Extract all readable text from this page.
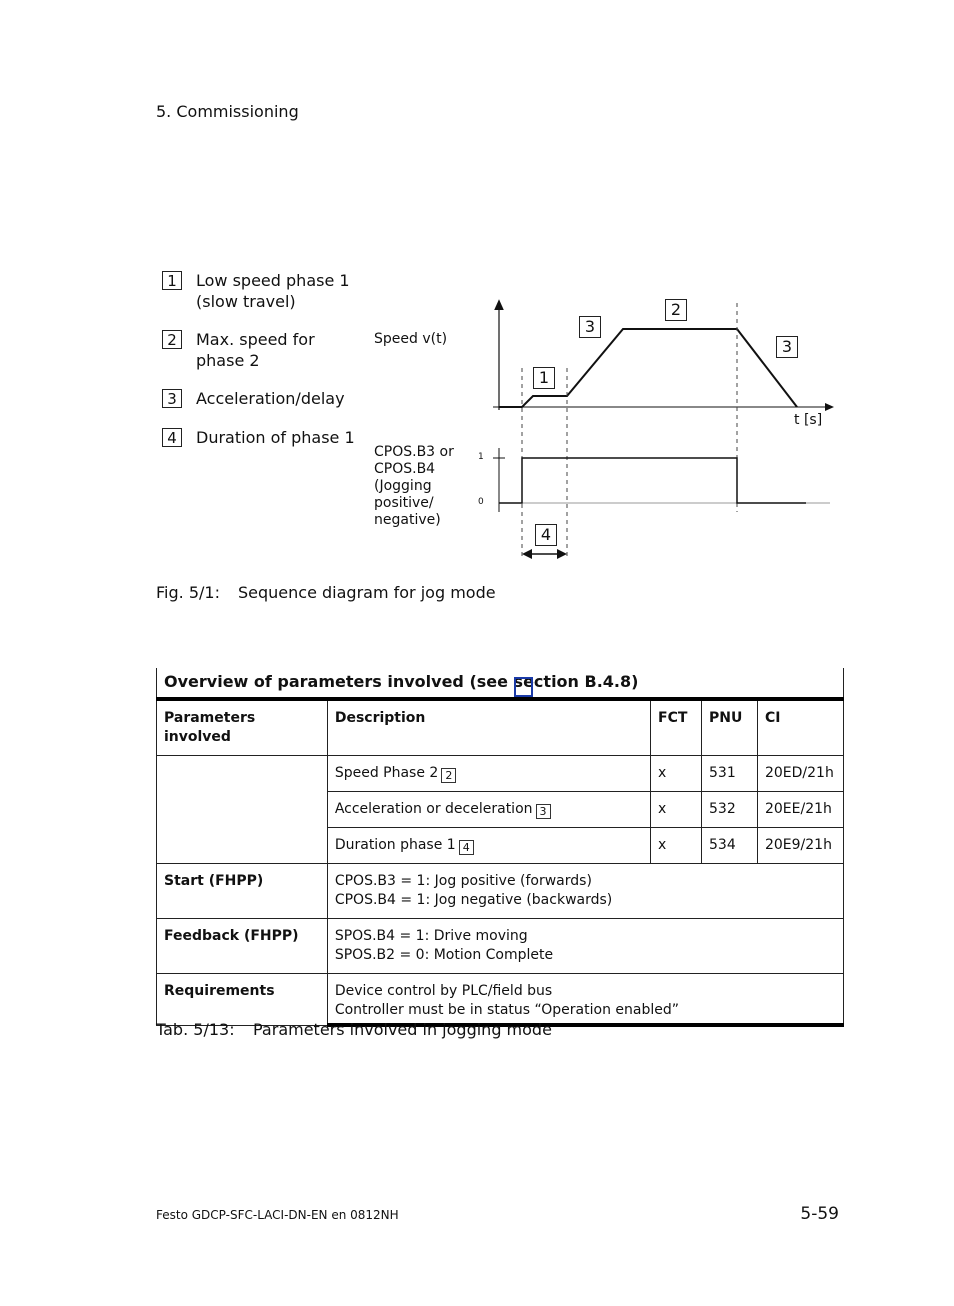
5. Commissioning
1	Low speed phase 1 (slow travel)
2	Max. speed for phase 2
3	Acceleration/delay
4	Duration of phase 1
Speed v(t)
t [s]
CPOS.B3 or
CPOS.B4
(Jogging
positive/
negative)
1
0
1
2
3
3
4
Fig. 5/1: Sequence diagram for jog mode
Overview of parameters involved (see section B.4.8)				
Parameters involved	Description	FCT	PNU	CI
	Speed Phase 2 2	x	531	20ED/21h
	Acceleration or deceleration 3	x	532	20EE/21h
	Duration phase 1 4	x	534	20E9/21h
Start (FHPP)	CPOS.B3 = 1: Jog positive (forwards)
CPOS.B4 = 1: Jog negative (backwards)			

Feedback (FHPP)	SPOS.B4 = 1: Drive moving
SPOS.B2 = 0: Motion Complete			

Requirements	Device control by PLC/field bus
Controller must be in status “Operation enabled”			
Tab. 5/13: Parameters involved in jogging mode
Festo GDCP-SFC-LACI-DN-EN en 0812NH	5-59
